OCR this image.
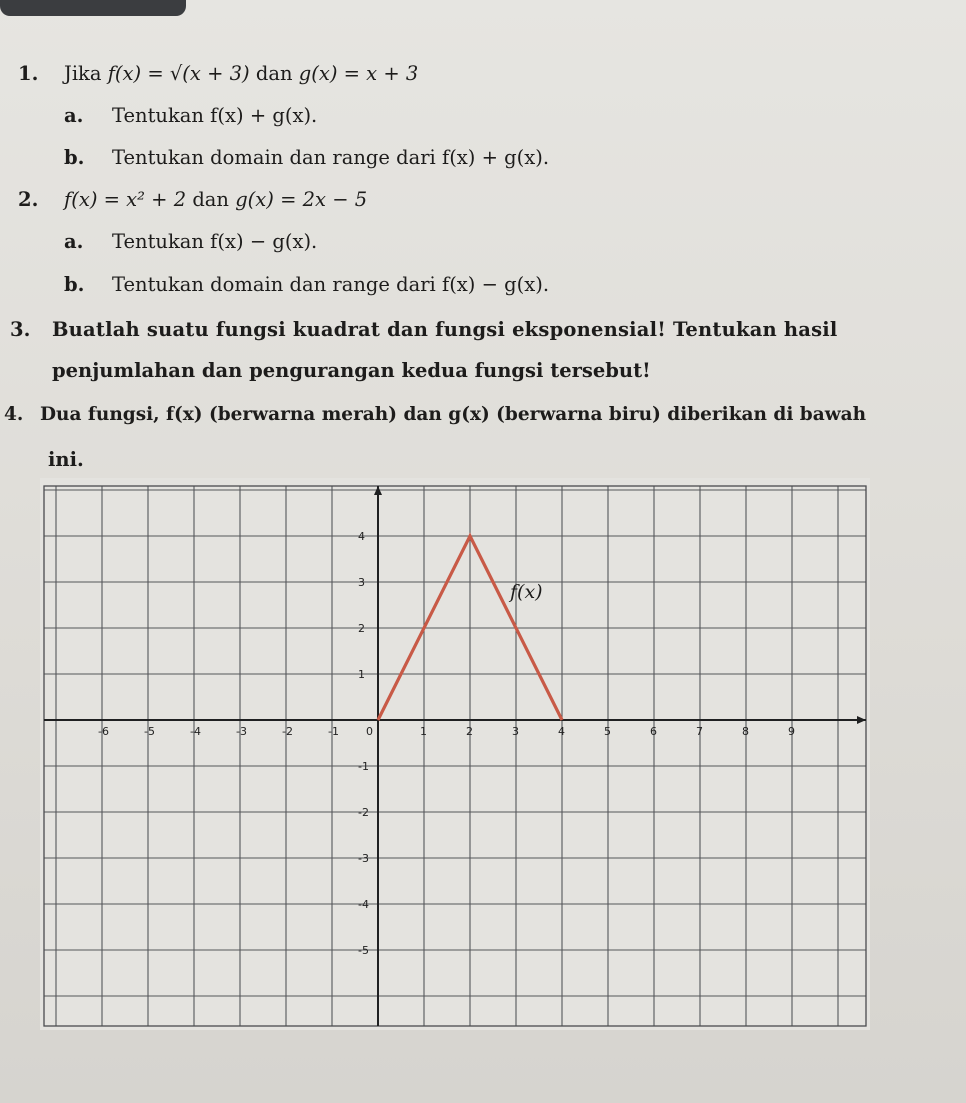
1. Jika f(x) = √(x + 3) dan g(x) = x + 3
a. Tentukan f(x) + g(x).
b. Tentukan domain dan range dari f(x) + g(x).
2. f(x) = x² + 2 dan g(x) = 2x − 5
a. Tentukan f(x) − g(x).
b. Tentukan domain dan range dari f(x) − g(x).
3. Buatlah suatu fungsi kuadrat dan fungsi eksponensial! Tentukan hasil
penjumlahan dan pengurangan kedua fungsi tersebut!
4. Dua fungsi, f(x) (berwarna merah) dan g(x) (berwarna biru) diberikan di bawah
ini.
-6	-5	-4	-3	-2	-1 0	1	2	3	4	5	6	7	8	9
-5
-4
-3
-2
-1
1
2
3
4
f(x)
